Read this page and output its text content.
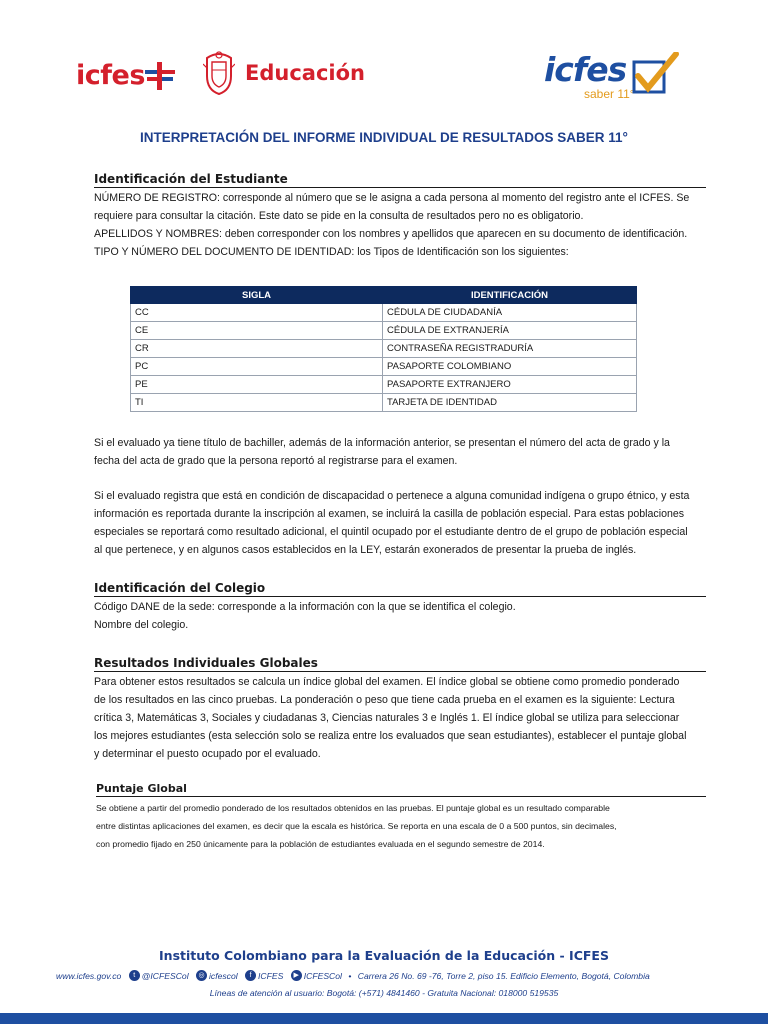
icfes	Educación	icfes
saber 11°
INTERPRETACIÓN DEL INFORME INDIVIDUAL DE RESULTADOS SABER 11°
Identificación del Estudiante
NÚMERO DE REGISTRO: corresponde al número que se le asigna a cada persona al momento del registro ante el ICFES. Se
requiere para consultar la citación. Este dato se pide en la consulta de resultados pero no es obligatorio.
APELLIDOS Y NOMBRES: deben corresponder con los nombres y apellidos que aparecen en su documento de identificación.
TIPO Y NÚMERO DEL DOCUMENTO DE IDENTIDAD: los Tipos de Identificación son los siguientes:
SIGLA	IDENTIFICACIÓN
CC	CÉDULA DE CIUDADANÍA
CE	CÉDULA DE EXTRANJERÍA
CR	CONTRASEÑA REGISTRADURÍA
PC	PASAPORTE COLOMBIANO
PE	PASAPORTE EXTRANJERO
TI	TARJETA DE IDENTIDAD
Si el evaluado ya tiene título de bachiller, además de la información anterior, se presentan el número del acta de grado y la
fecha del acta de grado que la persona reportó al registrarse para el examen.
Si el evaluado registra que está en condición de discapacidad o pertenece a alguna comunidad indígena o grupo étnico, y esta
información es reportada durante la inscripción al examen, se incluirá la casilla de población especial. Para estas poblaciones
especiales se reportará como resultado adicional, el quintil ocupado por el estudiante dentro de el grupo de población especial
al que pertenece, y en algunos casos establecidos en la LEY, estarán exonerados de presentar la prueba de inglés.
Identificación del Colegio
Código DANE de la sede: corresponde a la información con la que se identifica el colegio.
Nombre del colegio.
Resultados Individuales Globales
Para obtener estos resultados se calcula un índice global del examen. El índice global se obtiene como promedio ponderado
de los resultados en las cinco pruebas. La ponderación o peso que tiene cada prueba en el examen es la siguiente: Lectura
crítica 3, Matemáticas 3, Sociales y ciudadanas 3, Ciencias naturales 3 e Inglés 1. El índice global se utiliza para seleccionar
los mejores estudiantes (esta selección solo se realiza entre los evaluados que sean estudiantes), establecer el puntaje global
y determinar el puesto ocupado por el evaluado.
Puntaje Global
Se obtiene a partir del promedio ponderado de los resultados obtenidos en las pruebas. El puntaje global es un resultado comparable
entre distintas aplicaciones del examen, es decir que la escala es histórica. Se reporta en una escala de 0 a 500 puntos, sin decimales,
con promedio fijado en 250 únicamente para la población de estudiantes evaluada en el segundo semestre de 2014.
Instituto Colombiano para la Evaluación de la Educación - ICFES
www.icfes.gov.co t @ICFESCol ◎ icfescol f ICFES ▶ ICFESCol • Carrera 26 No. 69 -76, Torre 2, piso 15. Edificio Elemento, Bogotá, Colombia
Líneas de atención al usuario: Bogotá: (+571) 4841460 - Gratuita Nacional: 018000 519535
